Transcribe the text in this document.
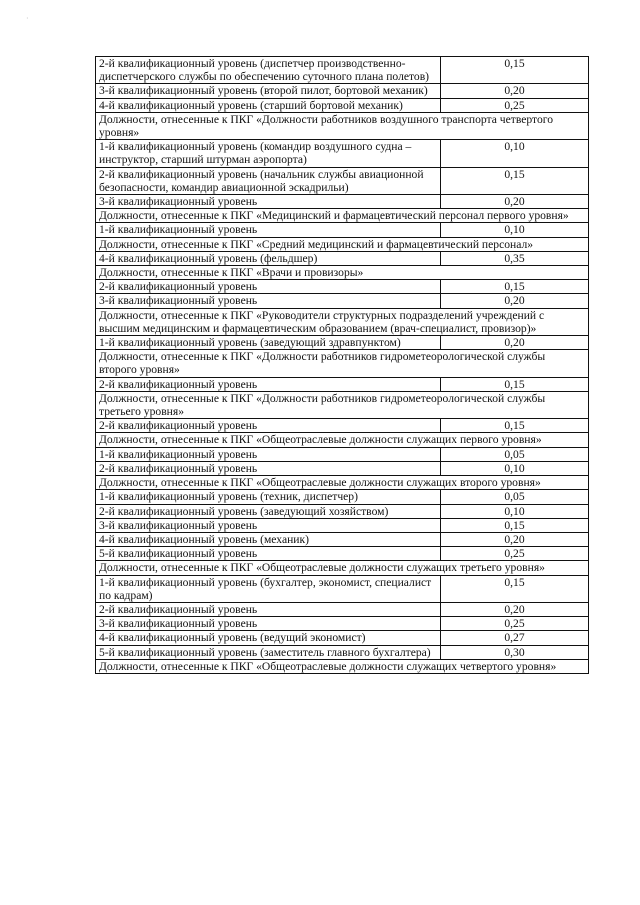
·
2-й квалификационный уровень (диспетчер производственно-диспетчерского службы по обеспечению суточного плана полетов)	0,15
3-й квалификационный уровень (второй пилот, бортовой механик)	0,20
4-й квалификационный уровень (старший бортовой механик)	0,25
Должности, отнесенные к ПКГ «Должности работников воздушного транспорта четвертого уровня»	
1-й квалификационный уровень (командир воздушного судна – инструктор, старший штурман аэропорта)	0,10
2-й квалификационный уровень (начальник службы авиационной безопасности, командир авиационной эскадрильи)	0,15
3-й квалификационный уровень	0,20
Должности, отнесенные к ПКГ «Медицинский и фармацевтический персонал первого уровня»	
1-й квалификационный уровень	0,10
Должности, отнесенные к ПКГ «Средний медицинский и фармацевтический персонал»	
4-й квалификационный уровень (фельдшер)	0,35
Должности, отнесенные к ПКГ «Врачи и провизоры»	
2-й квалификационный уровень	0,15
3-й квалификационный уровень	0,20
Должности, отнесенные к ПКГ «Руководители структурных подразделений учреждений с высшим медицинским и фармацевтическим образованием (врач-специалист, провизор)»	
1-й квалификационный уровень (заведующий здравпунктом)	0,20
Должности, отнесенные к ПКГ «Должности работников гидрометеорологической службы второго уровня»	
2-й квалификационный уровень	0,15
Должности, отнесенные к ПКГ «Должности работников гидрометеорологической службы третьего уровня»	
2-й квалификационный уровень	0,15
Должности, отнесенные к ПКГ «Общеотраслевые должности служащих первого уровня»	
1-й квалификационный уровень	0,05
2-й квалификационный уровень	0,10
Должности, отнесенные к ПКГ «Общеотраслевые должности служащих второго уровня»	
1-й квалификационный уровень (техник, диспетчер)	0,05
2-й квалификационный уровень (заведующий хозяйством)	0,10
3-й квалификационный уровень	0,15
4-й квалификационный уровень (механик)	0,20
5-й квалификационный уровень	0,25
Должности, отнесенные к ПКГ «Общеотраслевые должности служащих третьего уровня»	
1-й квалификационный уровень (бухгалтер, экономист, специалист по кадрам)	0,15
2-й квалификационный уровень	0,20
3-й квалификационный уровень	0,25
4-й квалификационный уровень (ведущий экономист)	0,27
5-й квалификационный уровень (заместитель главного бухгалтера)	0,30
Должности, отнесенные к ПКГ «Общеотраслевые должности служащих четвертого уровня»	
